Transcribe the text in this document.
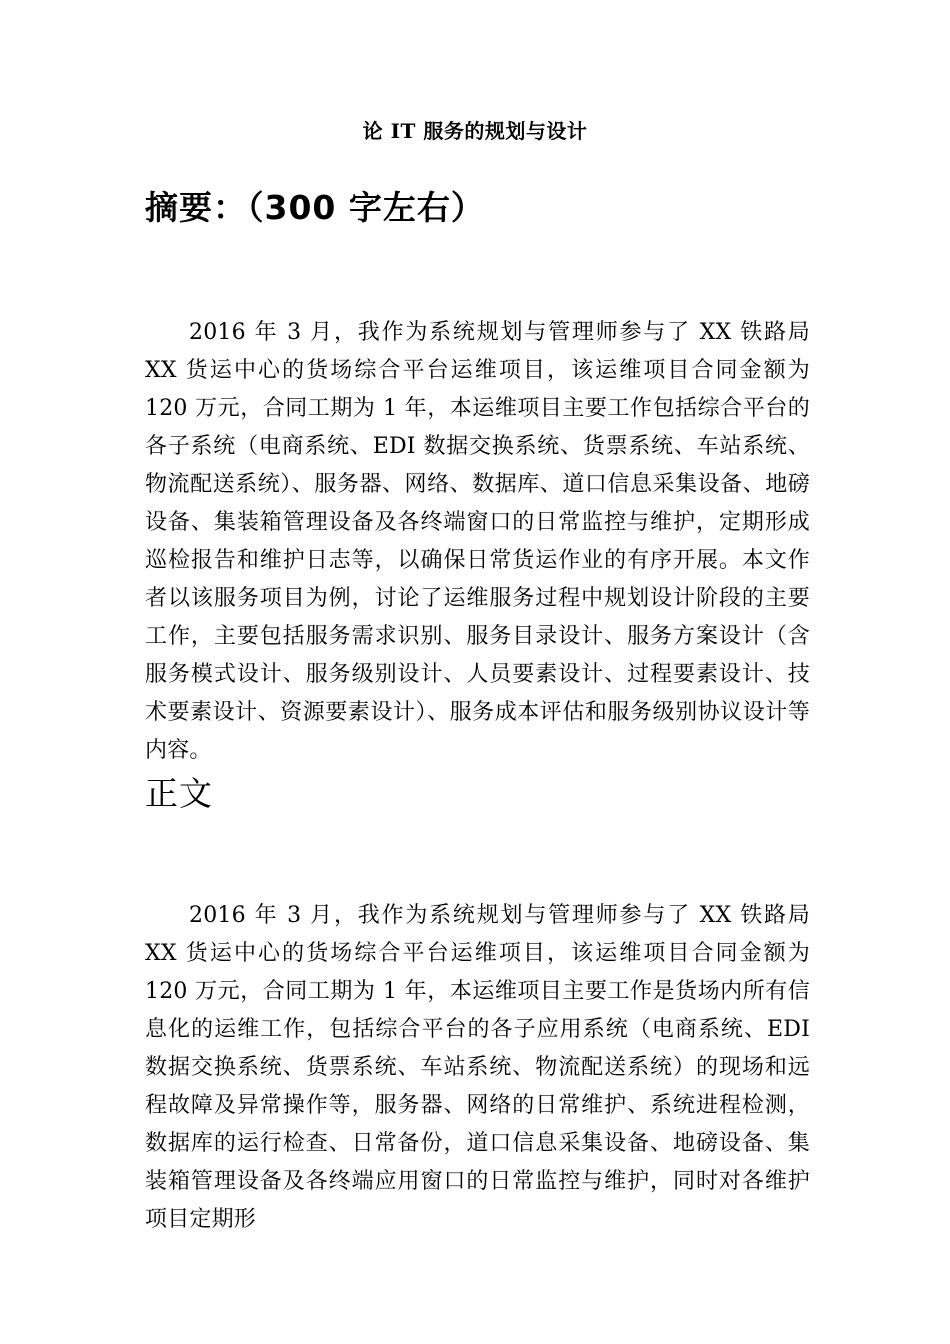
论 IT 服务的规划与设计
摘要：（300 字左右）

2016 年 3 月，我作为系统规划与管理师参与了 XX 铁路局 XX 货运中心的货场综合平台运维项目，该运维项目合同金额为 120 万元，合同工期为 1 年，本运维项目主要工作包括综合平台的各子系统（电商系统、EDI 数据交换系统、货票系统、车站系统、物流配送系统）、服务器、网络、数据库、道口信息采集设备、地磅设备、集装箱管理设备及各终端窗口的日常监控与维护，定期形成巡检报告和维护日志等，以确保日常货运作业的有序开展。本文作者以该服务项目为例，讨论了运维服务过程中规划设计阶段的主要工作，主要包括服务需求识别、服务目录设计、服务方案设计（含服务模式设计、服务级别设计、人员要素设计、过程要素设计、技术要素设计、资源要素设计）、服务成本评估和服务级别协议设计等内容。

正文

2016 年 3 月，我作为系统规划与管理师参与了 XX 铁路局 XX 货运中心的货场综合平台运维项目，该运维项目合同金额为 120 万元，合同工期为 1 年，本运维项目主要工作是货场内所有信息化的运维工作，包括综合平台的各子应用系统（电商系统、EDI 数据交换系统、货票系统、车站系统、物流配送系统）的现场和远程故障及异常操作等，服务器、网络的日常维护、系统进程检测，数据库的运行检查、日常备份，道口信息采集设备、地磅设备、集装箱管理设备及各终端应用窗口的日常监控与维护，同时对各维护项目定期形
